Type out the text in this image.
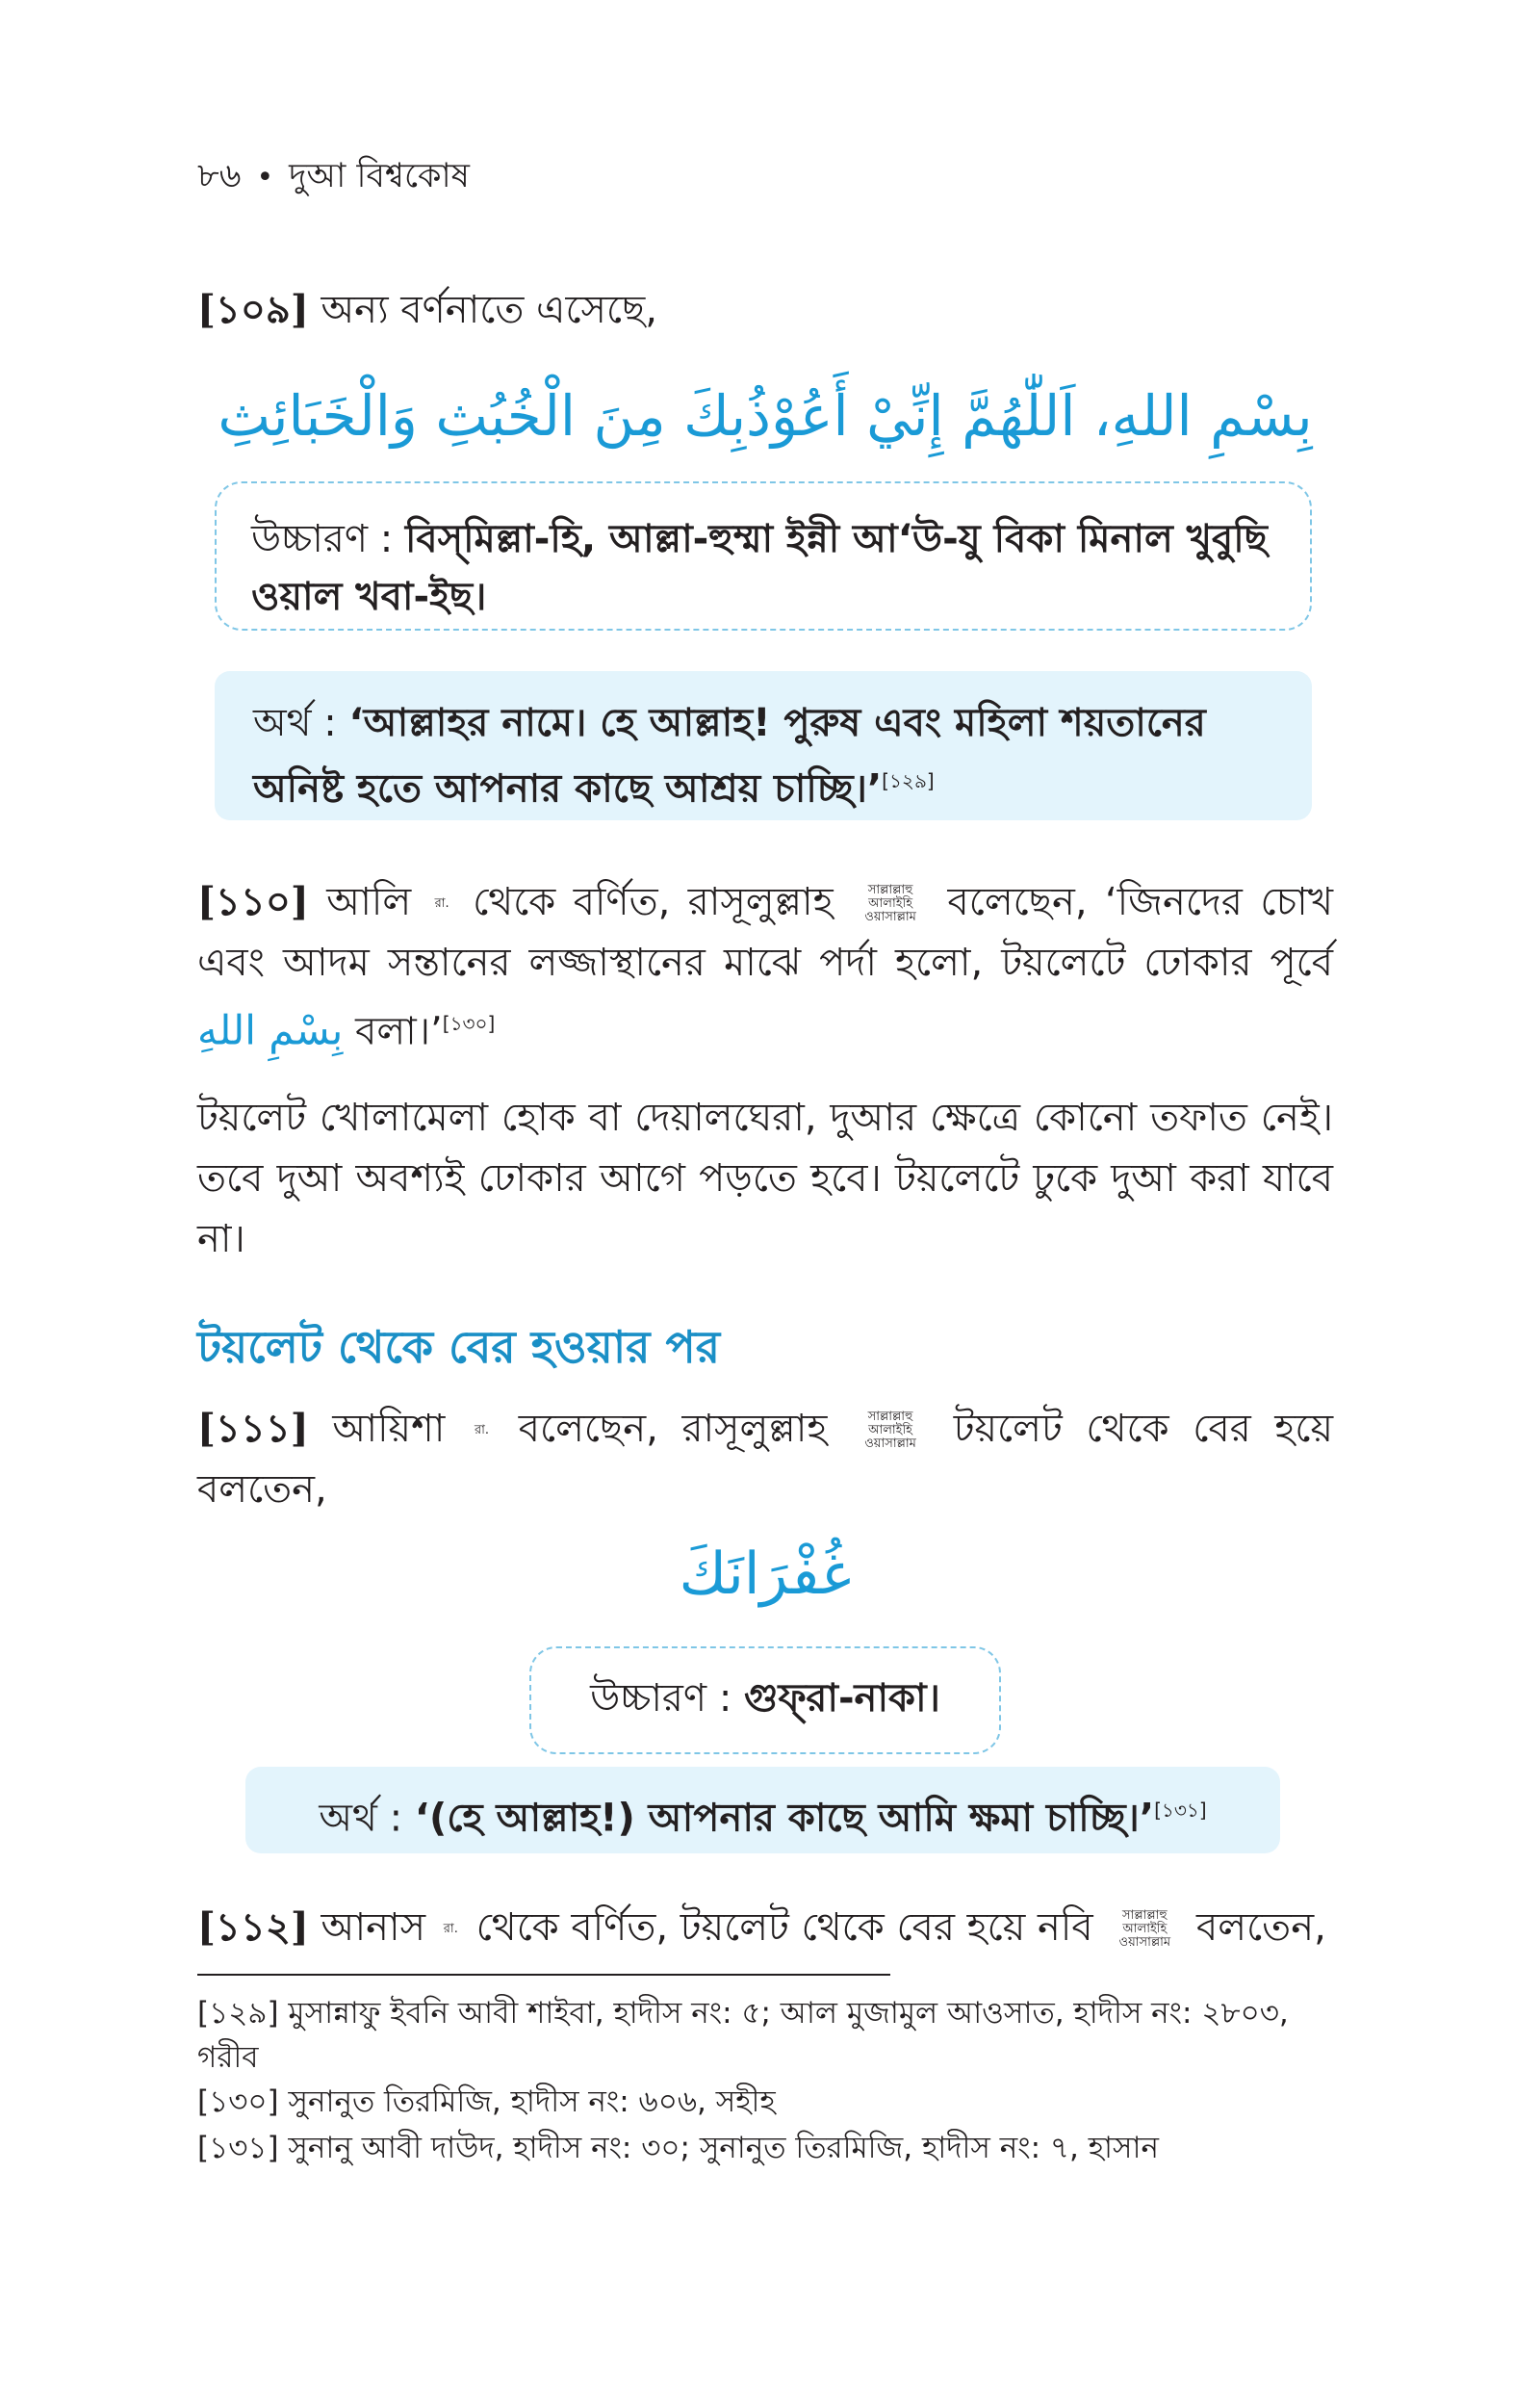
৮৬ • দুআ বিশ্বকোষ
[১০৯] অন্য বর্ণনাতে এসেছে,
بِسْمِ اللهِ، اَللّٰهُمَّ إِنِّيْ أَعُوْذُبِكَ مِنَ الْخُبُثِ وَالْخَبَائِثِ
উচ্চারণ : বিস্‌মিল্লা-হি, আল্লা-হুম্মা ইন্নী আ‘উ-যু বিকা মিনাল খুবুছি ওয়াল খবা-ইছ।
অর্থ : ‘আল্লাহর নামে। হে আল্লাহ! পুরুষ এবং মহিলা শয়তানের অনিষ্ট হতে আপনার কাছে আশ্রয় চাচ্ছি।’[১২৯]
[১১০] আলি রা. থেকে বর্ণিত, রাসূলুল্লাহ	সাল্লাল্লাহু আলাইহি ওয়াসাল্লাম বলেছেন, ‘জিনদের চোখ এবং আদম সন্তানের লজ্জাস্থানের মাঝে পর্দা হলো, টয়লেটে ঢোকার পূর্বে بِسْمِ اللهِ বলা।’[১৩০]
টয়লেট খোলামেলা হোক বা দেয়ালঘেরা, দুআর ক্ষেত্রে কোনো তফাত নেই। তবে দুআ অবশ্যই ঢোকার আগে পড়তে হবে। টয়লেটে ঢুকে দুআ করা যাবে না।
টয়লেট থেকে বের হওয়ার পর
[১১১] আয়িশা রা. বলেছেন, রাসূলুল্লাহ	সাল্লাল্লাহু আলাইহি ওয়াসাল্লাম টয়লেট থেকে বের হয়ে বলতেন,
غُفْرَانَكَ
উচ্চারণ : গুফ্‌রা-নাকা।
অর্থ : ‘(হে আল্লাহ!) আপনার কাছে আমি ক্ষমা চাচ্ছি।’[১৩১]
[১১২] আনাস রা. থেকে বর্ণিত, টয়লেট থেকে বের হয়ে নবি সাল্লাল্লাহু আলাইহি ওয়াসাল্লাম বলতেন,
[১২৯] মুসান্নাফু ইবনি আবী শাইবা, হাদীস নং: ৫; আল মুজামুল আওসাত, হাদীস নং: ২৮০৩, গরীব
[১৩০] সুনানুত তিরমিজি, হাদীস নং: ৬০৬, সহীহ
[১৩১] সুনানু আবী দাউদ, হাদীস নং: ৩০; সুনানুত তিরমিজি, হাদীস নং: ৭, হাসান
